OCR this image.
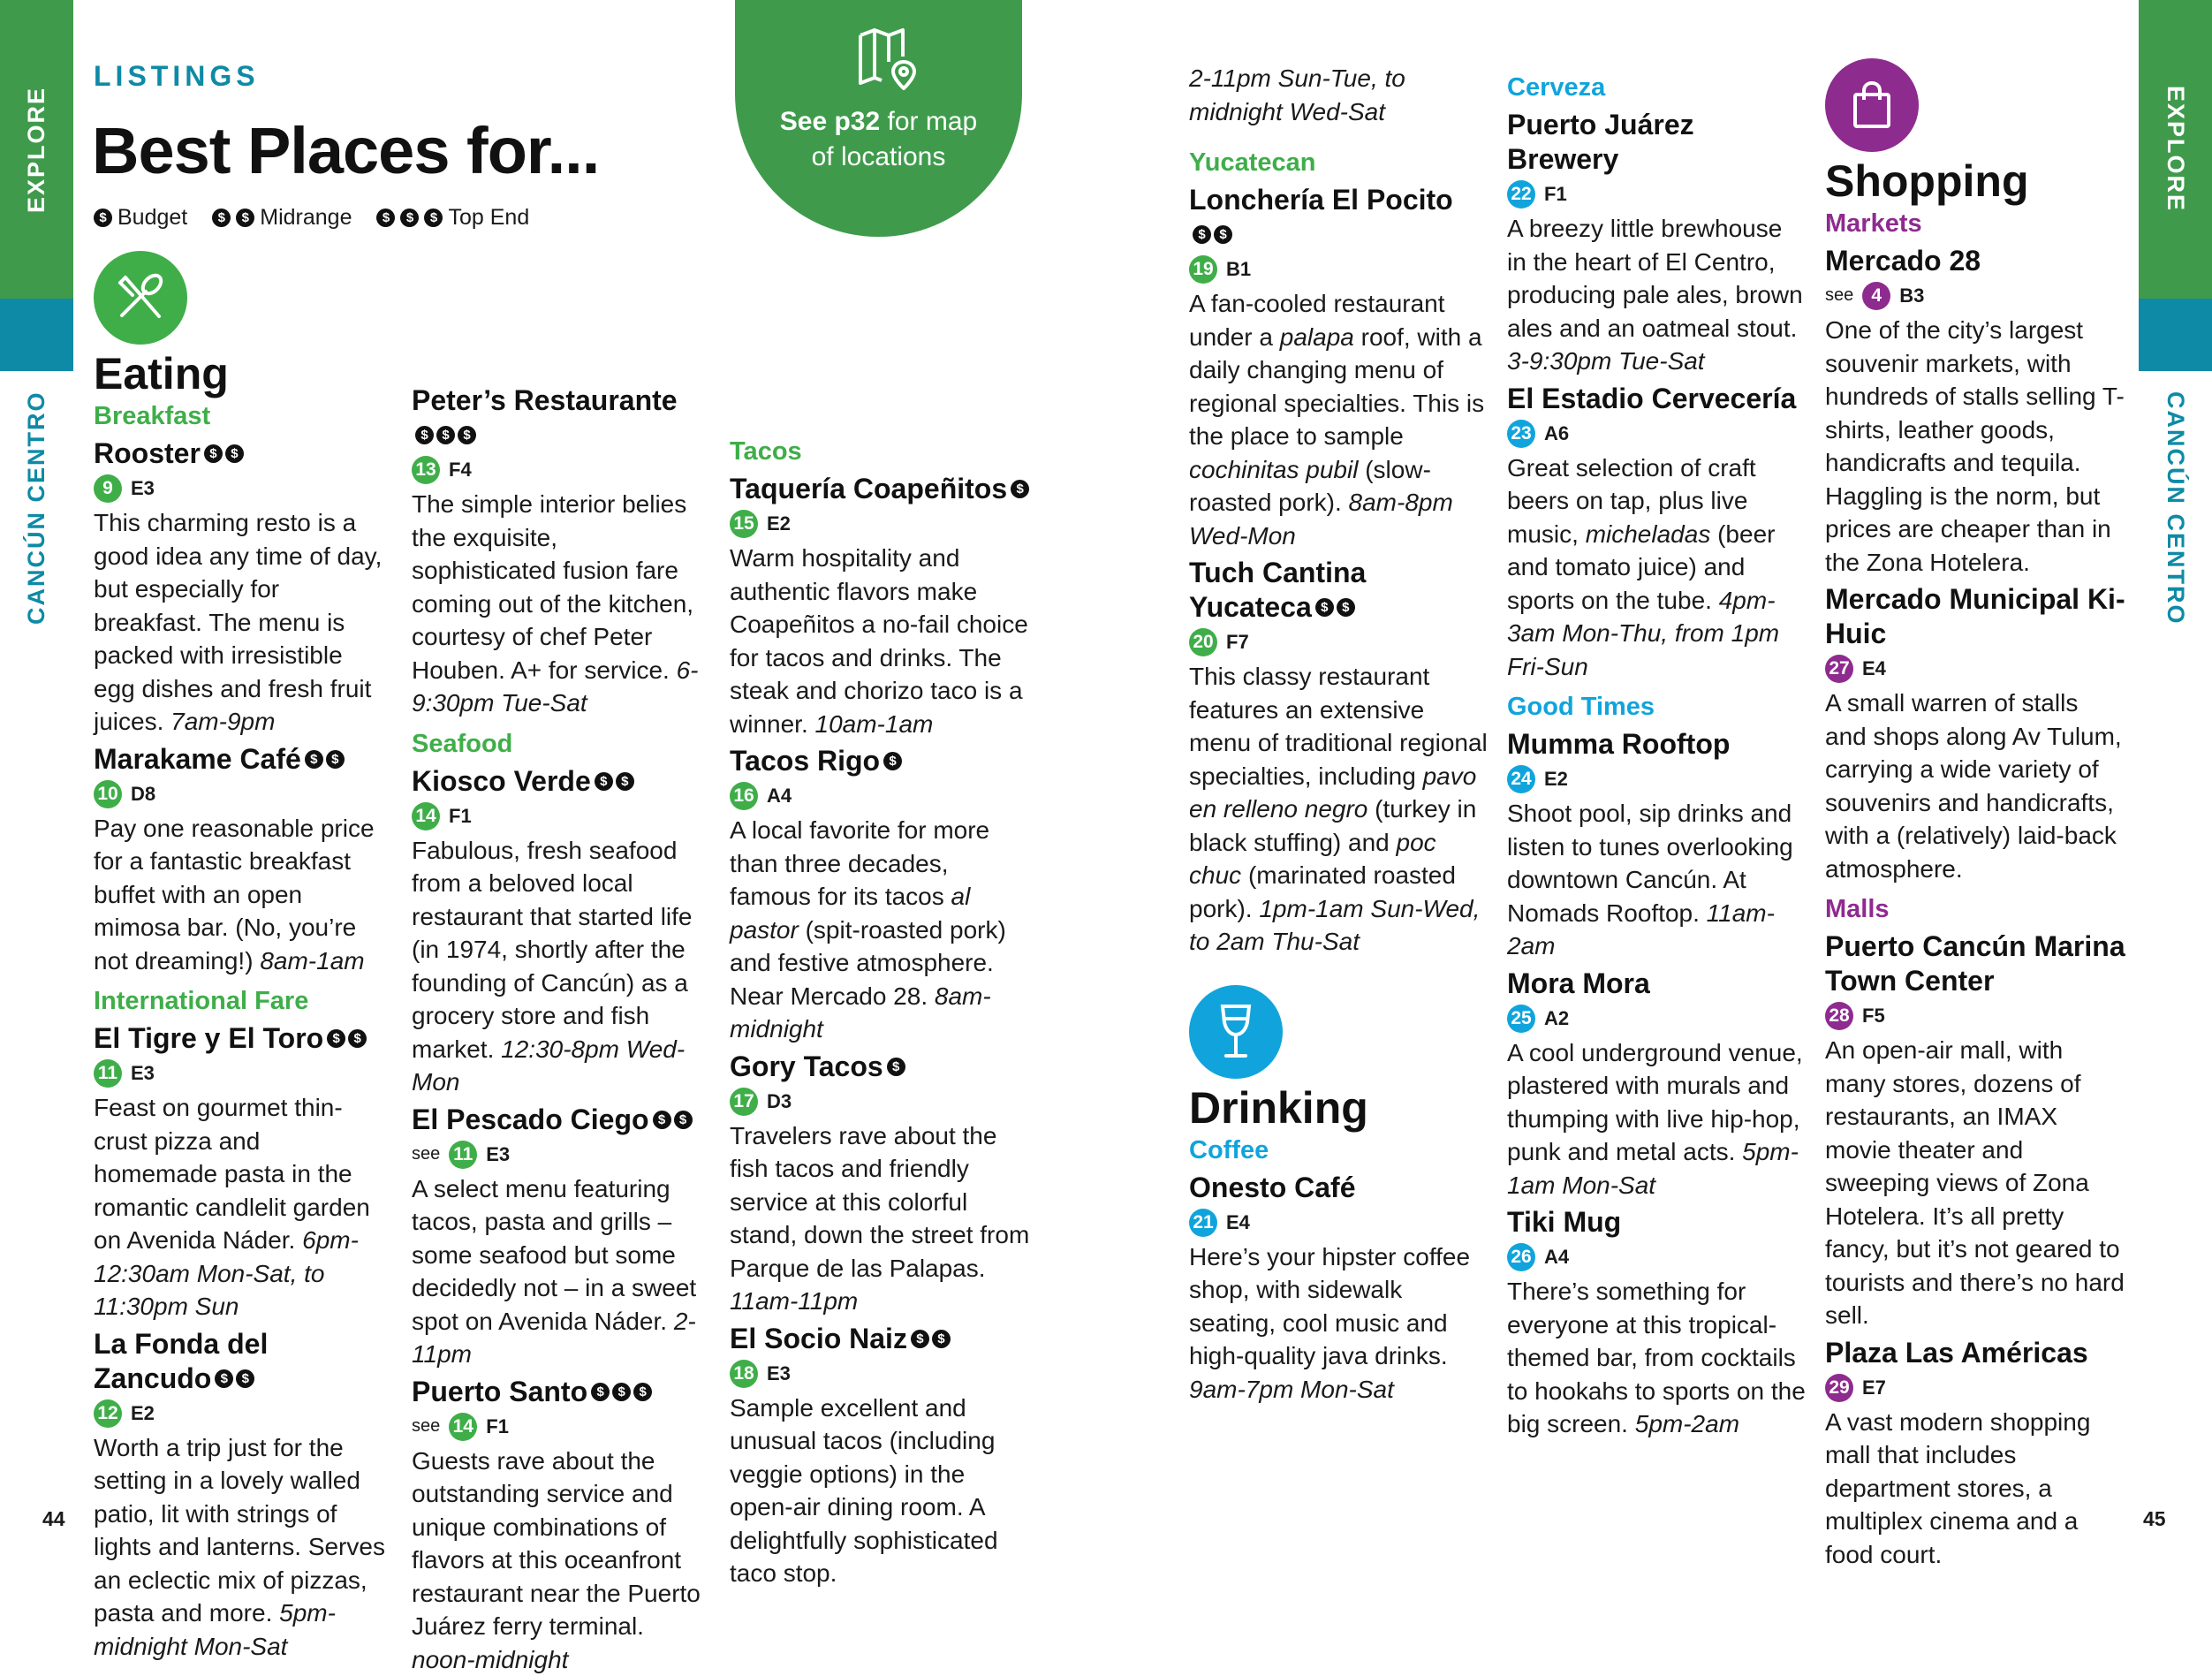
EXPLORE
CANCÚN CENTRO
EXPLORE
CANCÚN CENTRO
44	45
LISTINGS
Best Places for...
$ Budget	$	$ Midrange	$	$	$ Top End
See p32 for map
of locations
Eating
Breakfast
Rooster $	$
9 E3

This charming resto is a good idea any time of day, but especially for breakfast. The menu is packed with irresistible egg dishes and fresh fruit juices. 7am-9pm

Marakame Café $	$
10 D8

Pay one reasonable price for a fantastic breakfast buffet with an open mimosa bar. (No, you’re not dreaming!) 8am-1am

International Fare
El Tigre y El Toro $	$
11 E3

Feast on gourmet thin-crust pizza and homemade pasta in the romantic candlelit garden on Avenida Náder. 6pm-12:30am Mon-Sat, to 11:30pm Sun

La Fonda del Zancudo $	$
12 E2

Worth a trip just for the setting in a lovely walled patio, lit with strings of lights and lanterns. Serves an eclectic mix of pizzas, pasta and more. 5pm-midnight Mon-Sat

Peter’s Restaurante
$	$	$
13 F4

The simple interior belies the exquisite, sophisticated fusion fare coming out of the kitchen, courtesy of chef Peter Houben. A+ for service. 6-9:30pm Tue-Sat

Seafood
Kiosco Verde $	$
14 F1

Fabulous, fresh seafood from a beloved local restaurant that started life (in 1974, shortly after the founding of Cancún) as a grocery store and fish market. 12:30-8pm Wed-Mon

El Pescado Ciego $	$
see 11 E3

A select menu featuring tacos, pasta and grills – some seafood but some decidedly not – in a sweet spot on Avenida Náder. 2-11pm

Puerto Santo $	$	$
see 14 F1

Guests rave about the outstanding service and unique combinations of flavors at this oceanfront restaurant near the Puerto Juárez ferry terminal. noon-midnight

Tacos
Taquería Coapeñitos $
15 E2

Warm hospitality and authentic flavors make Coapeñitos a no-fail choice for tacos and drinks. The steak and chorizo taco is a winner. 10am-1am

Tacos Rigo $
16 A4

A local favorite for more than three decades, famous for its tacos al pastor (spit-roasted pork) and festive atmosphere. Near Mercado 28. 8am-midnight

Gory Tacos $
17 D3

Travelers rave about the fish tacos and friendly service at this colorful stand, down the street from Parque de las Palapas. 11am-11pm

El Socio Naiz $	$
18 E3

Sample excellent and unusual tacos (including veggie options) in the open-air dining room. A delightfully sophisticated taco stop.

2-11pm Sun-Tue, to midnight Wed-Sat

Yucatecan
Lonchería El Pocito
$	$
19 B1

A fan-cooled restaurant under a palapa roof, with a daily changing menu of regional specialties. This is the place to sample cochinitas pubil (slow-roasted pork). 8am-8pm Wed-Mon

Tuch Cantina Yucateca $	$
20 F7

This classy restaurant features an extensive menu of traditional regional specialties, including pavo en relleno negro (turkey in black stuffing) and poc chuc (marinated roasted pork). 1pm-1am Sun-Wed, to 2am Thu-Sat

Drinking
Coffee
Onesto Café
21 E4

Here’s your hipster coffee shop, with sidewalk seating, cool music and high-quality java drinks. 9am-7pm Mon-Sat

Cerveza
Puerto Juárez Brewery
22 F1

A breezy little brewhouse in the heart of El Centro, producing pale ales, brown ales and an oatmeal stout. 3-9:30pm Tue-Sat

El Estadio Cervecería
23 A6

Great selection of craft beers on tap, plus live music, micheladas (beer and tomato juice) and sports on the tube. 4pm-3am Mon-Thu, from 1pm Fri-Sun

Good Times
Mumma Rooftop
24 E2

Shoot pool, sip drinks and listen to tunes overlooking downtown Cancún. At Nomads Rooftop. 11am-2am

Mora Mora
25 A2

A cool underground venue, plastered with murals and thumping with live hip-hop, punk and metal acts. 5pm-1am Mon-Sat

Tiki Mug
26 A4

There’s something for everyone at this tropical-themed bar, from cocktails to hookahs to sports on the big screen. 5pm-2am

Shopping
Markets
Mercado 28
see 4 B3

One of the city’s largest souvenir markets, with hundreds of stalls selling T-shirts, leather goods, handicrafts and tequila. Haggling is the norm, but prices are cheaper than in the Zona Hotelera.

Mercado Municipal Ki-Huic
27 E4

A small warren of stalls and shops along Av Tulum, carrying a wide variety of souvenirs and handicrafts, with a (relatively) laid-back atmosphere.

Malls
Puerto Cancún Marina Town Center
28 F5

An open-air mall, with many stores, dozens of restaurants, an IMAX movie theater and sweeping views of Zona Hotelera. It’s all pretty fancy, but it’s not geared to tourists and there’s no hard sell.

Plaza Las Américas
29 E7

A vast modern shopping mall that includes department stores, a multiplex cinema and a food court.
